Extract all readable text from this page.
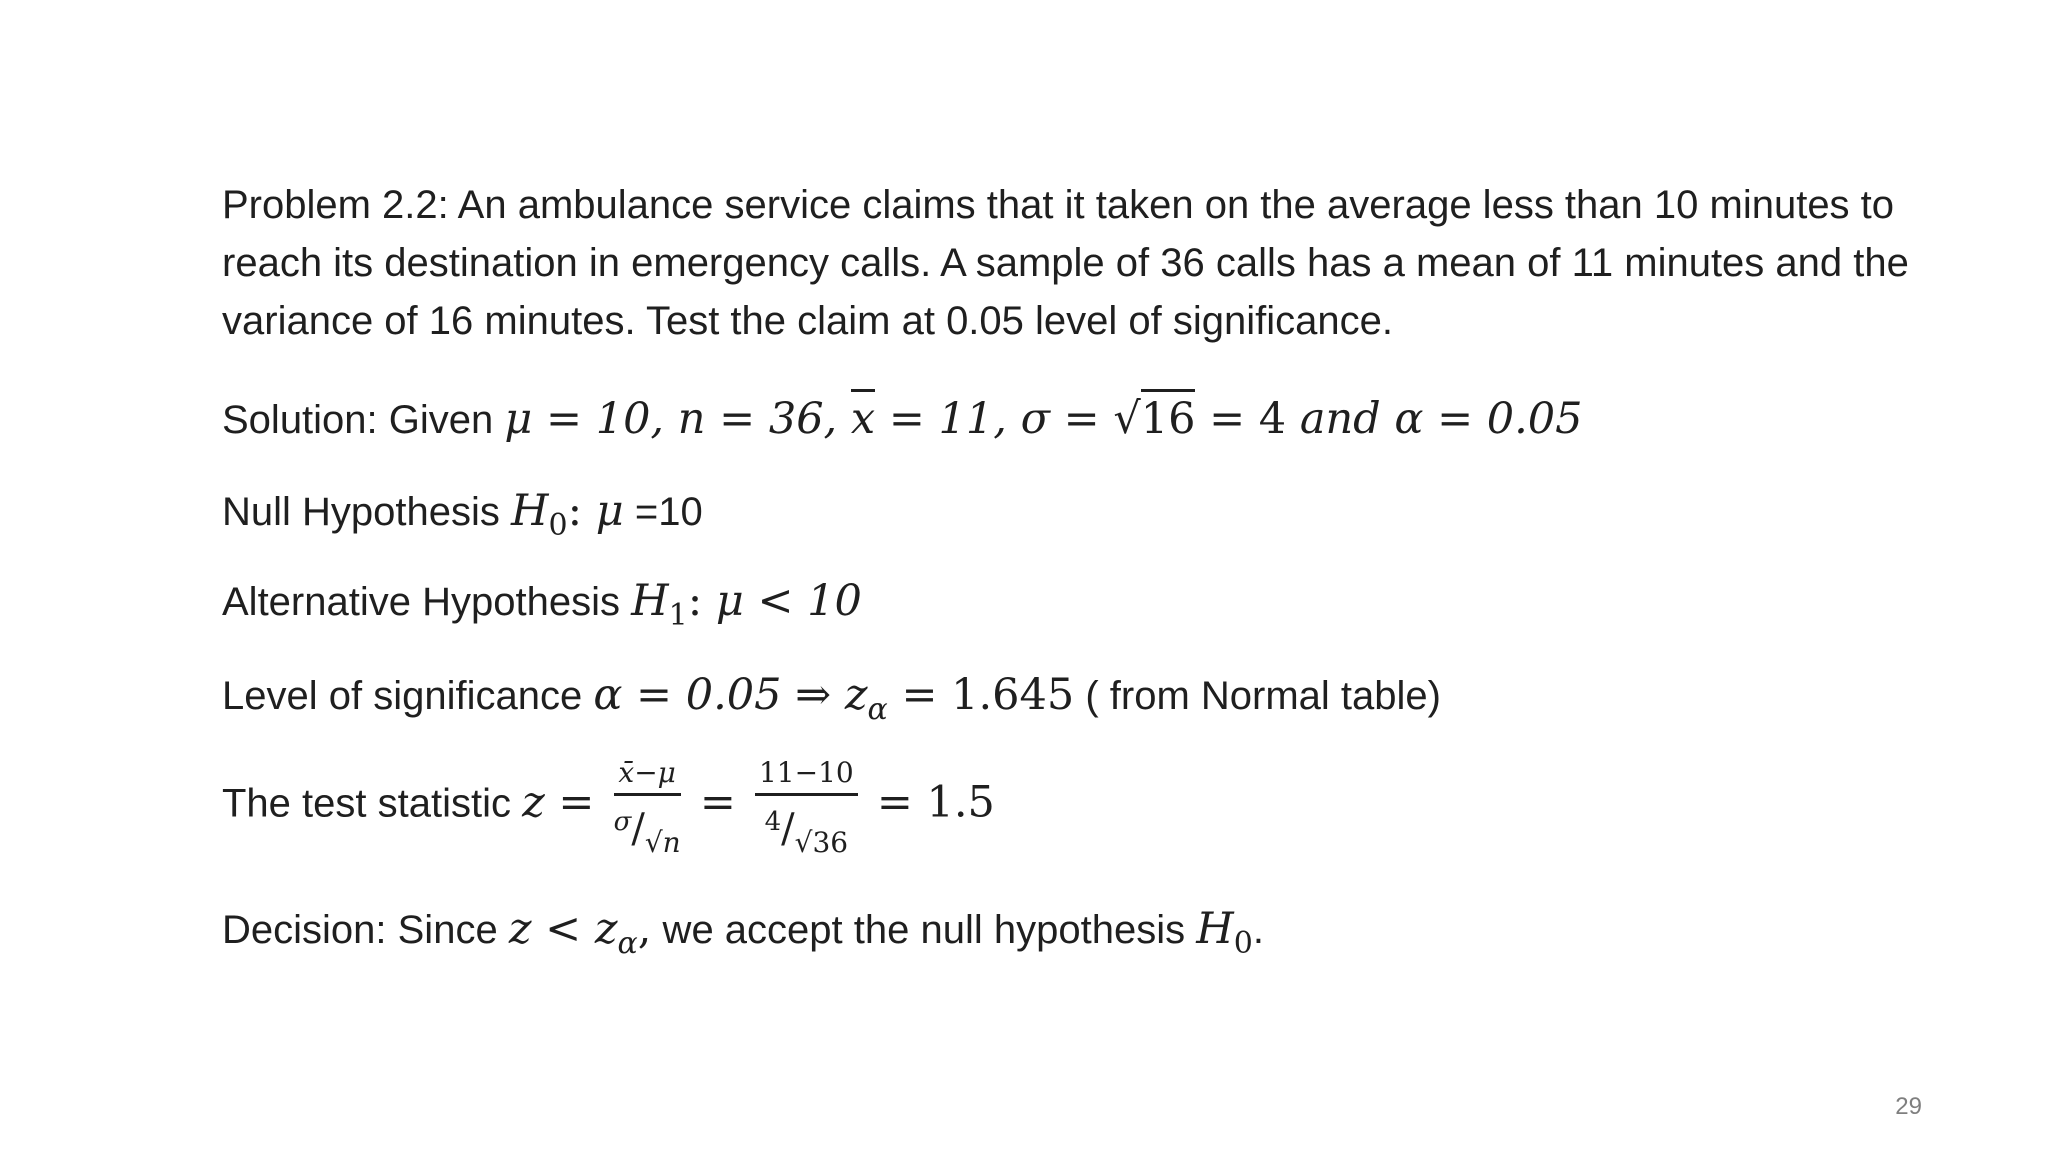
Problem 2.2: An ambulance service claims that it taken on the average less than 10 minutes to reach its destination in emergency calls. A sample of 36 calls has a mean of 11 minutes and the variance of 16 minutes. Test the claim at 0.05 level of significance.

Solution: Given μ = 10, n = 36, x = 11, σ = √16 = 4 and α = 0.05
Null Hypothesis $H_0$: μ =10
Alternative Hypothesis $H_1$: μ < 10
Level of significance α = 0.05 ⇒ $z_\alpha = 1.645$ ( from Normal table)
The test statistic $z = \frac{x̄-\mu}{\sigma/√n} = \frac{11-10}{4/√36} = 1.5$
Decision: Since $z < z_\alpha$, we accept the null hypothesis $H_0$.
29
